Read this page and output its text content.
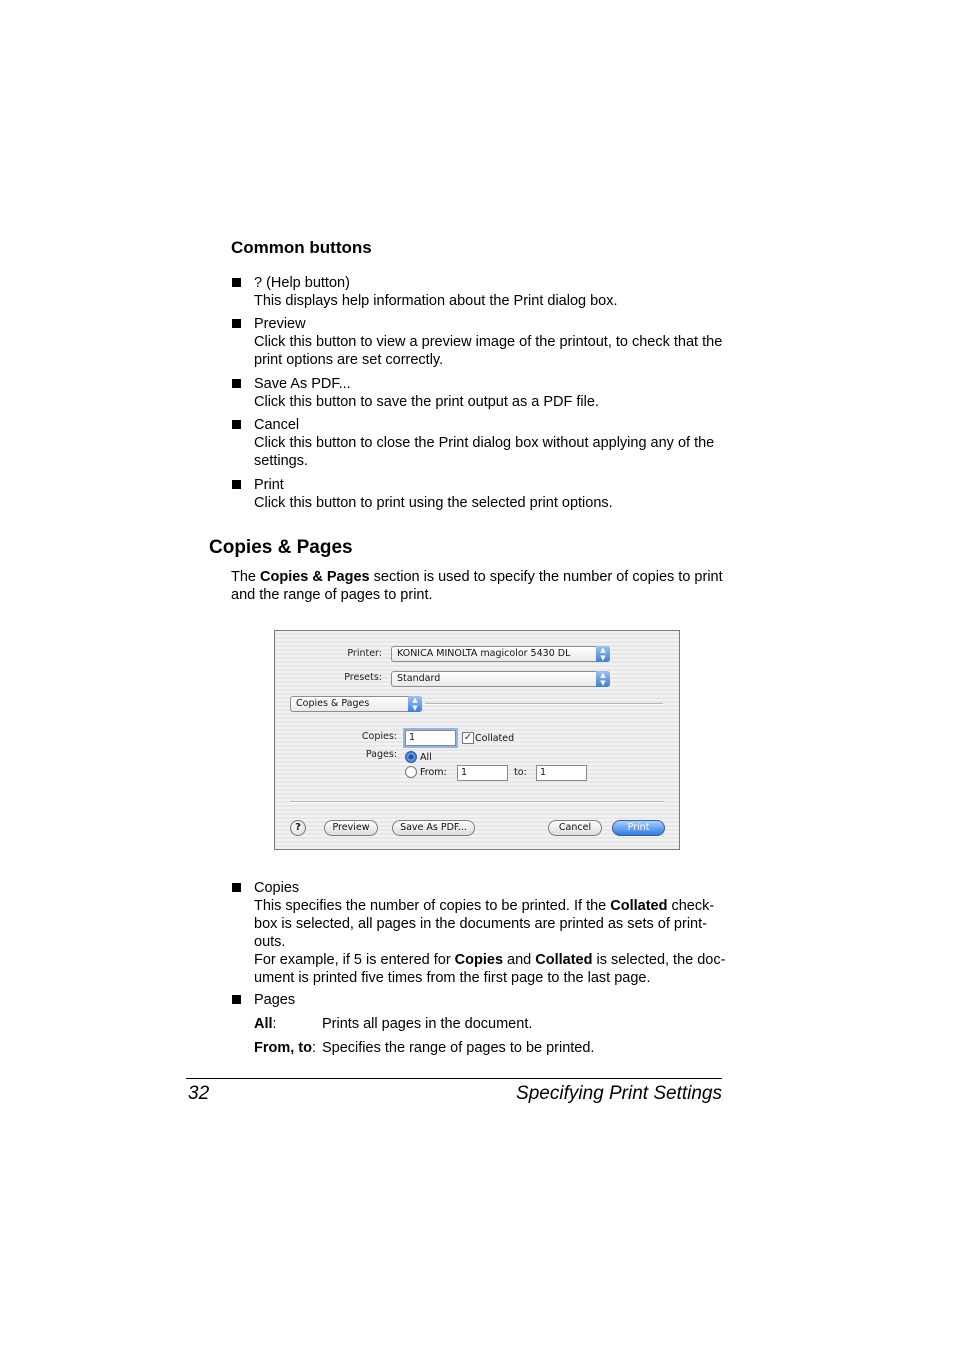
Common buttons
? (Help button)
This displays help information about the Print dialog box.
Preview
Click this button to view a preview image of the printout, to check that the
print options are set correctly.
Save As PDF...
Click this button to save the print output as a PDF file.
Cancel
Click this button to close the Print dialog box without applying any of the
settings.
Print
Click this button to print using the selected print options.
Copies & Pages
The Copies & Pages section is used to specify the number of copies to print
and the range of pages to print.
Printer:	KONICA MINOLTA magicolor 5430 DL	▲
▼
Presets:	Standard	▲
▼
Copies & Pages	▲
▼
Copies:	1	✓ Collated
Pages: All
From:	1	to:	1
?	Preview	Save As PDF...	Cancel	Print
Copies
This specifies the number of copies to be printed. If the Collated check-
box is selected, all pages in the documents are printed as sets of print-
outs.
For example, if 5 is entered for Copies and Collated is selected, the doc-
ument is printed five times from the first page to the last page.
Pages
All:	Prints all pages in the document.
From, to: Specifies the range of pages to be printed.
32	Specifying Print Settings
